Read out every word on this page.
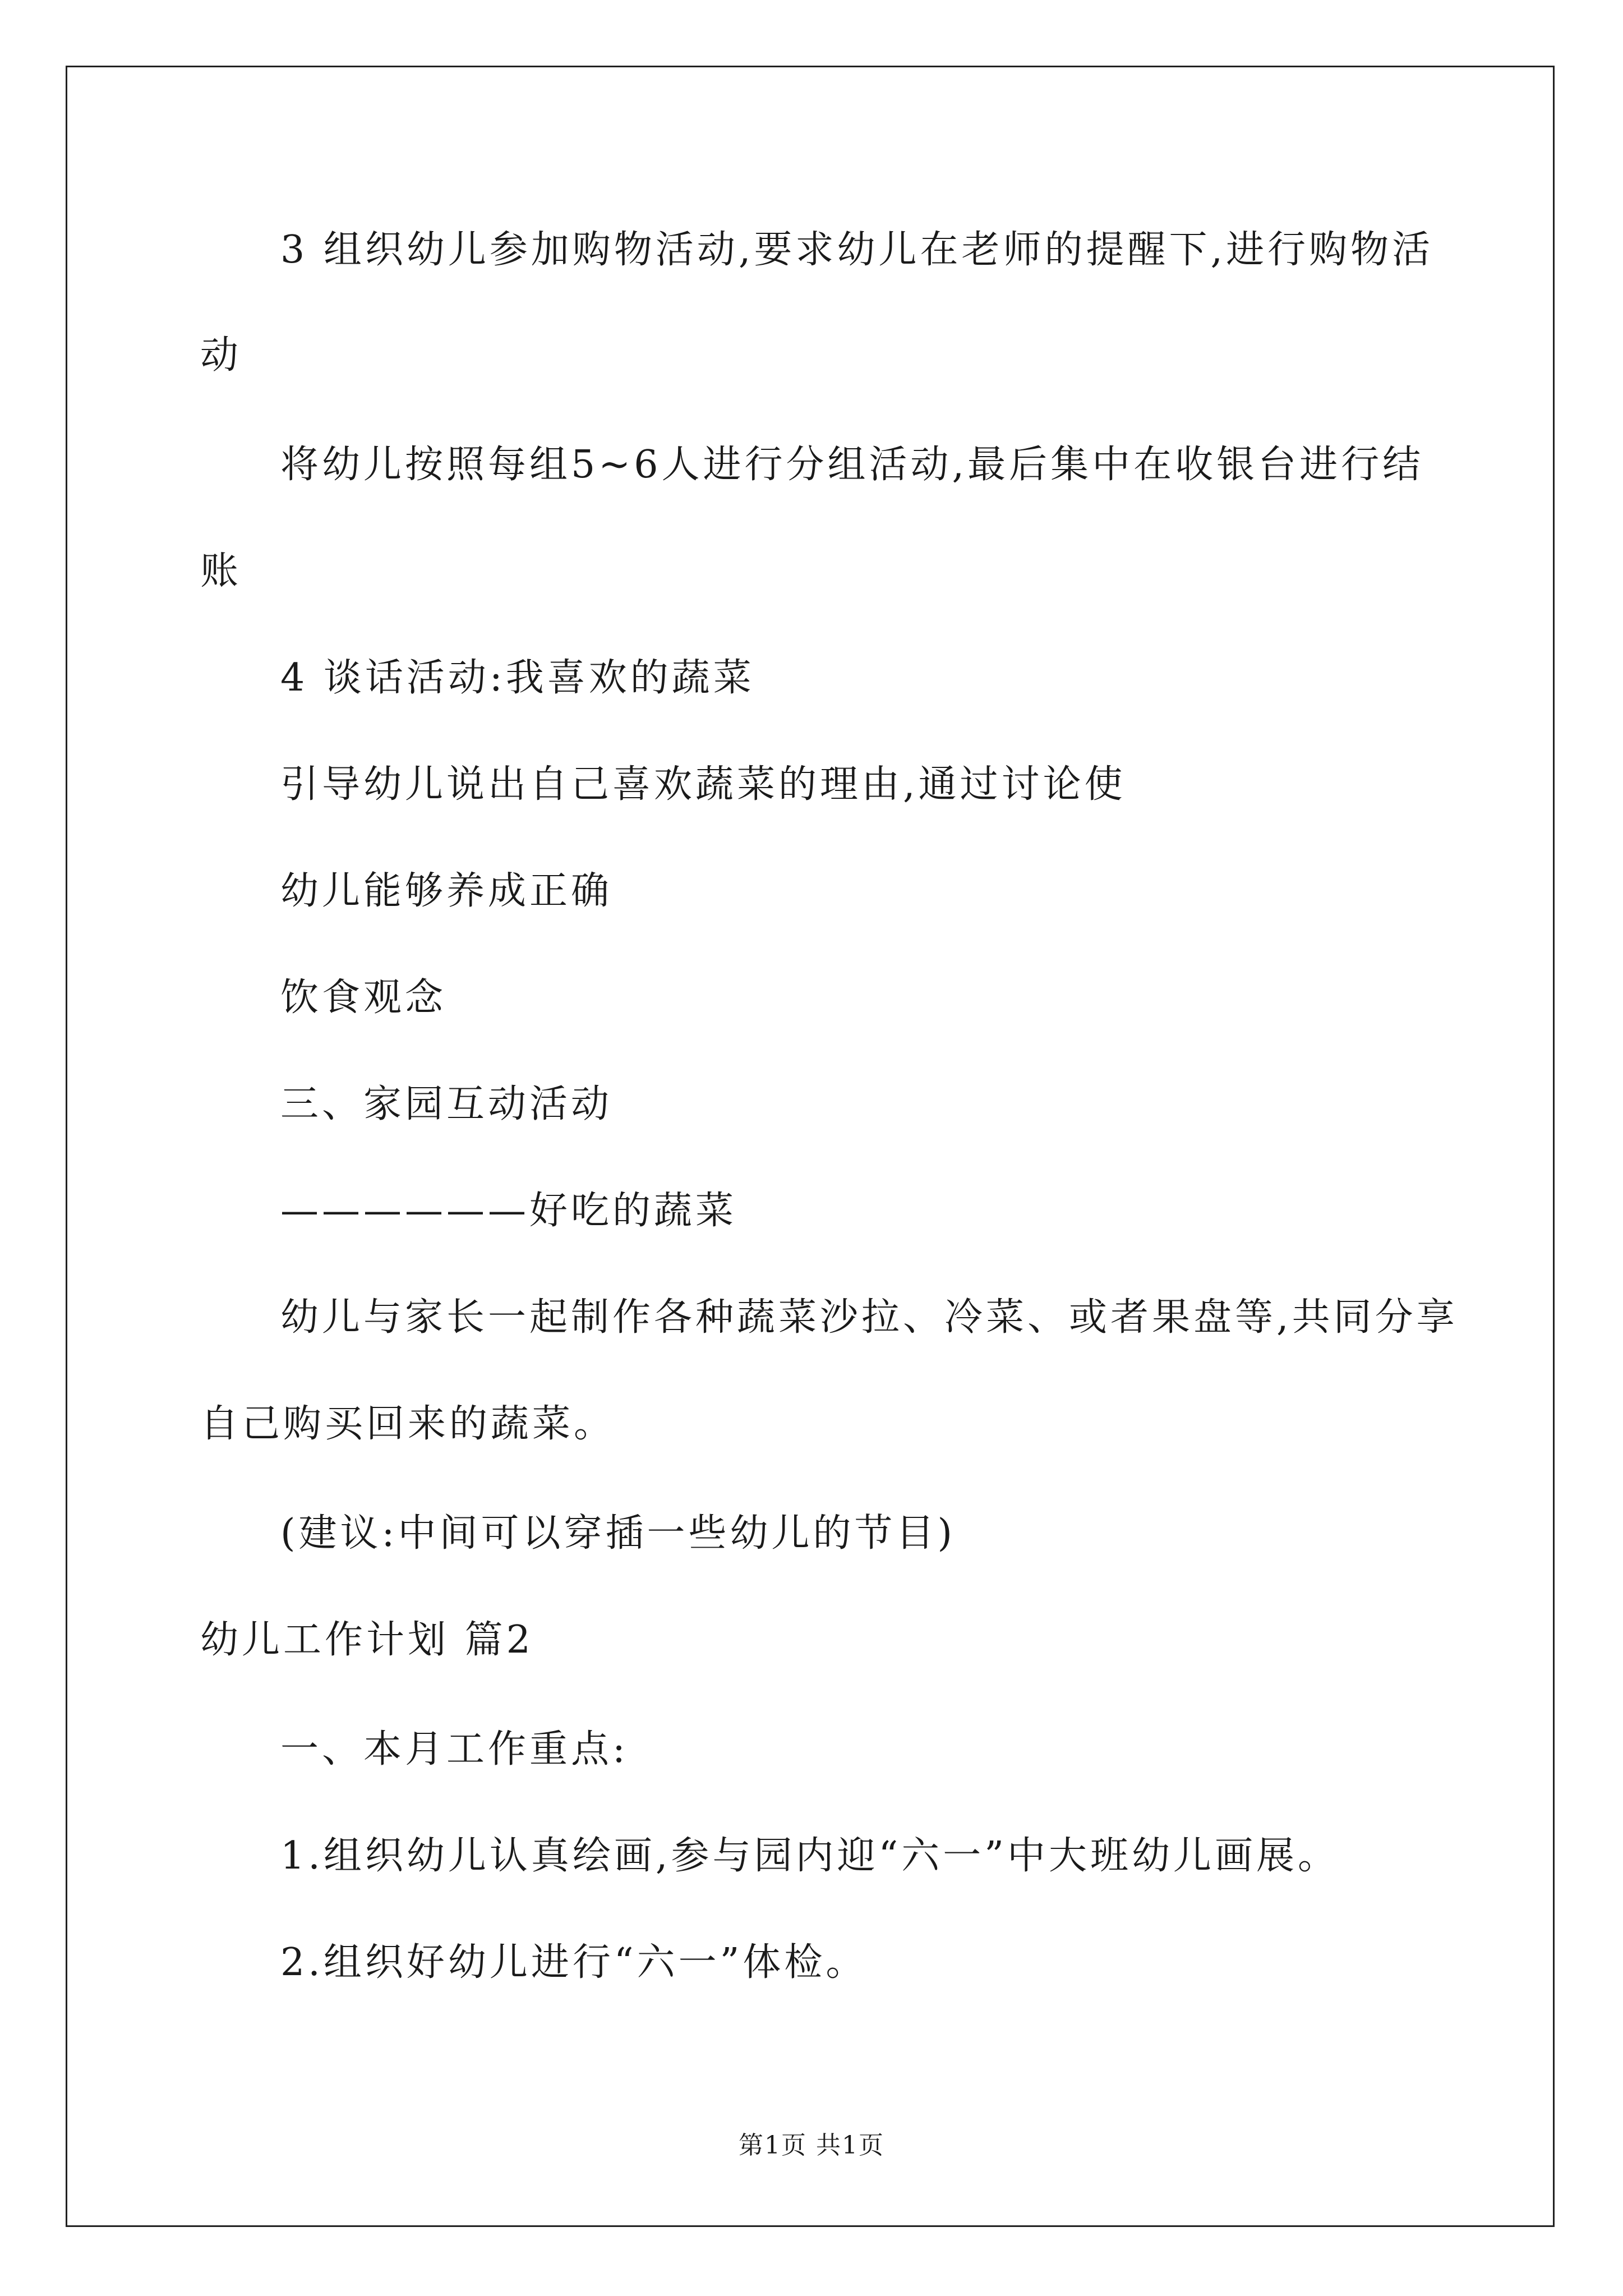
3 组织幼儿参加购物活动,要求幼儿在老师的提醒下,进行购物活
动
将幼儿按照每组5~6人进行分组活动,最后集中在收银台进行结
账
4 谈话活动:我喜欢的蔬菜
引导幼儿说出自己喜欢蔬菜的理由,通过讨论使
幼儿能够养成正确
饮食观念
三、家园互动活动
——————好吃的蔬菜
幼儿与家长一起制作各种蔬菜沙拉、冷菜、或者果盘等,共同分享
自己购买回来的蔬菜。
(建议:中间可以穿插一些幼儿的节目)
幼儿工作计划 篇2
一、本月工作重点:
1.组织幼儿认真绘画,参与园内迎“六一”中大班幼儿画展。
2.组织好幼儿进行“六一”体检。
第1页 共1页
